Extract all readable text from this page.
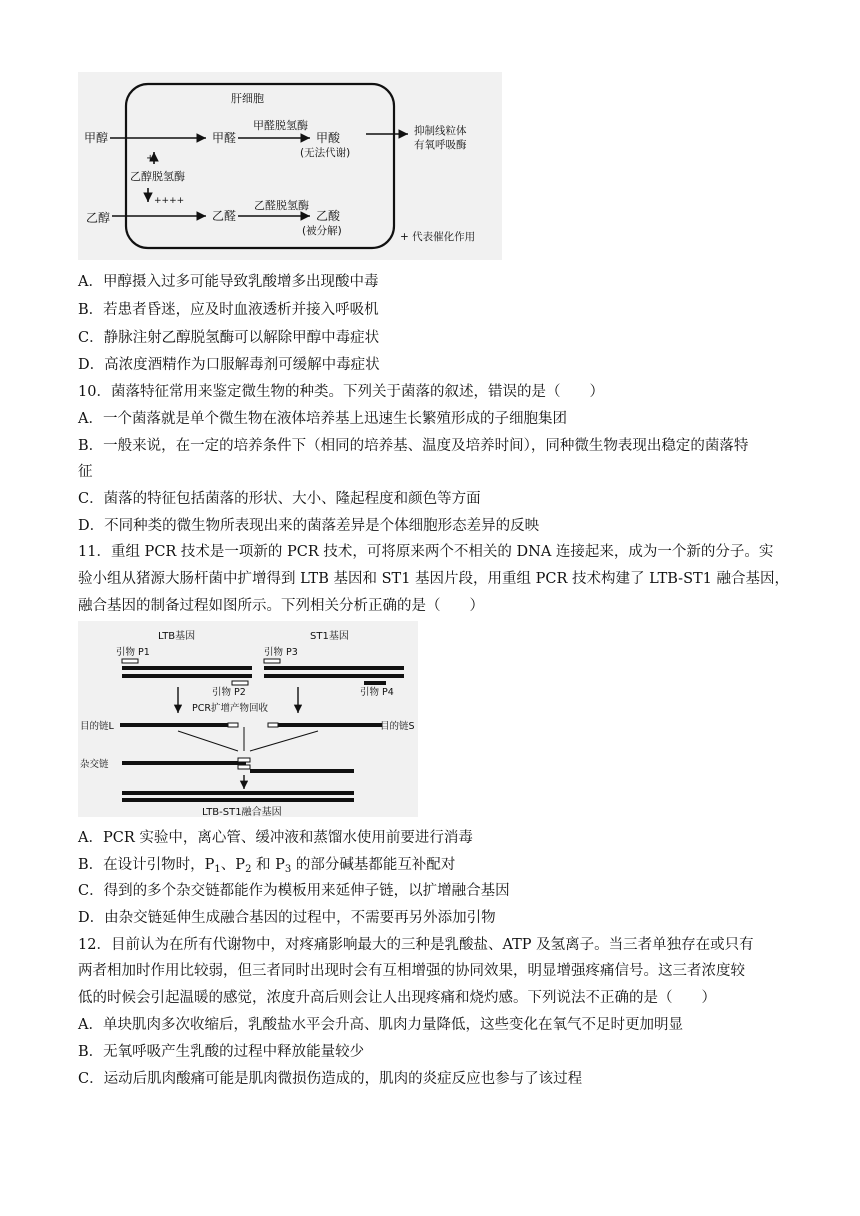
肝细胞
甲醇	甲醛
甲醛脱氢酶
甲酸
(无法代谢)
抑制线粒体
有氧呼吸酶
+
乙醇脱氢酶
++++
乙醇	乙醛
乙醛脱氢酶
乙酸
(被分解)	+ 代表催化作用
A．甲醇摄入过多可能导致乳酸增多出现酸中毒
B．若患者昏迷，应及时血液透析并接入呼吸机
C．静脉注射乙醇脱氢酶可以解除甲醇中毒症状
D．高浓度酒精作为口服解毒剂可缓解中毒症状
10．菌落特征常用来鉴定微生物的种类。下列关于菌落的叙述，错误的是（　　）
A．一个菌落就是单个微生物在液体培养基上迅速生长繁殖形成的子细胞集团
B．一般来说，在一定的培养条件下（相同的培养基、温度及培养时间），同种微生物表现出稳定的菌落特
征
C．菌落的特征包括菌落的形状、大小、隆起程度和颜色等方面
D．不同种类的微生物所表现出来的菌落差异是个体细胞形态差异的反映
11．重组 PCR 技术是一项新的 PCR 技术，可将原来两个不相关的 DNA 连接起来，成为一个新的分子。实
验小组从猪源大肠杆菌中扩增得到 LTB 基因和 ST1 基因片段，用重组 PCR 技术构建了 LTB-ST1 融合基因，
融合基因的制备过程如图所示。下列相关分析正确的是（　　）
LTB基因	ST1基因
引物 P1	引物 P3
引物 P2	引物 P4
PCR扩增产物回收
目的链L	目的链S
杂交链
LTB-ST1融合基因
A．PCR 实验中，离心管、缓冲液和蒸馏水使用前要进行消毒
B．在设计引物时，$P_1$、$P_2$ 和 $P_3$ 的部分碱基都能互补配对
C．得到的多个杂交链都能作为模板用来延伸子链，以扩增融合基因
D．由杂交链延伸生成融合基因的过程中，不需要再另外添加引物
12．目前认为在所有代谢物中，对疼痛影响最大的三种是乳酸盐、ATP 及氢离子。当三者单独存在或只有
两者相加时作用比较弱，但三者同时出现时会有互相增强的协同效果，明显增强疼痛信号。这三者浓度较
低的时候会引起温暖的感觉，浓度升高后则会让人出现疼痛和烧灼感。下列说法不正确的是（　　）
A．单块肌肉多次收缩后，乳酸盐水平会升高、肌肉力量降低，这些变化在氧气不足时更加明显
B．无氧呼吸产生乳酸的过程中释放能量较少
C．运动后肌肉酸痛可能是肌肉微损伤造成的，肌肉的炎症反应也参与了该过程
